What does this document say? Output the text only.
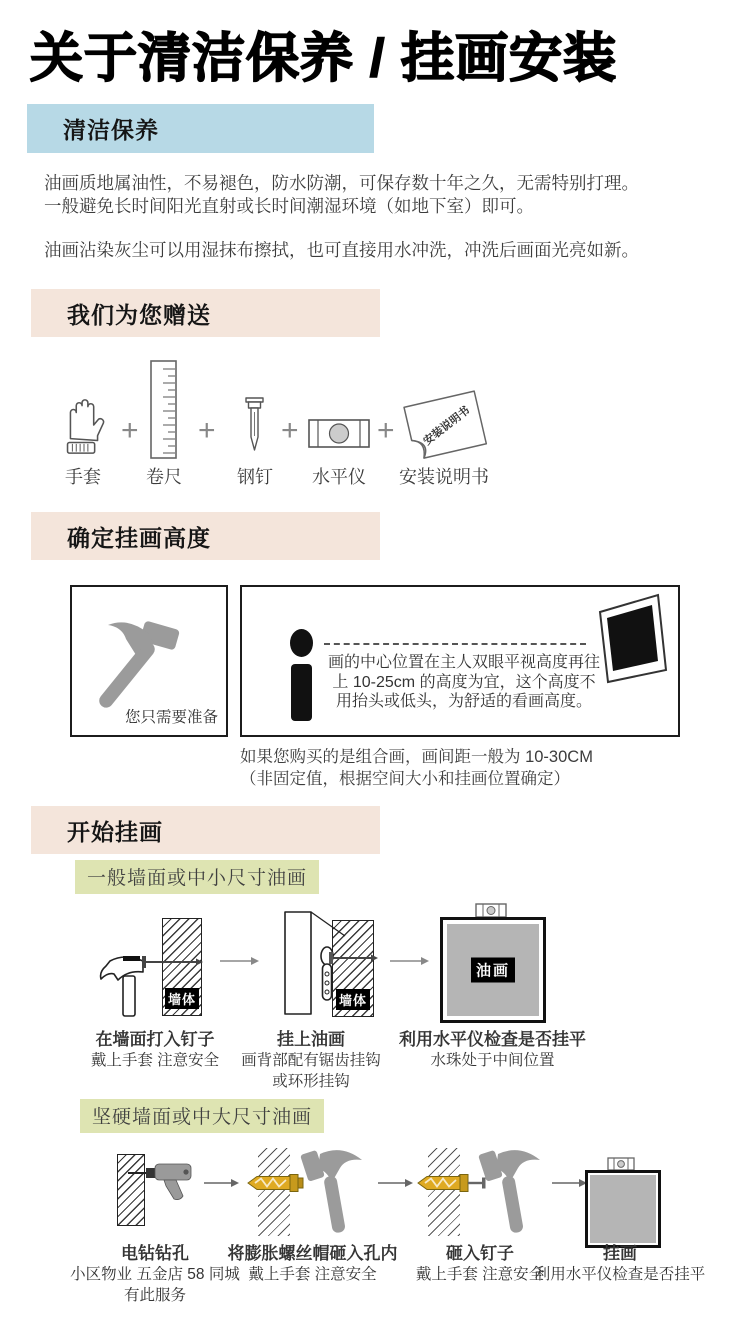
关于清洁保养 / 挂画安装
清洁保养
油画质地属油性，不易褪色，防水防潮，可保存数十年之久，无需特别打理。
一般避免长时间阳光直射或长时间潮湿环境（如地下室）即可。
油画沾染灰尘可以用湿抹布擦拭，也可直接用水冲洗，冲洗后画面光亮如新。
我们为您赠送
+ + +	+ 安装说明书
手套	卷尺	钢钉	水平仪	安装说明书
确定挂画高度
您只需要准备
画的中心位置在主人双眼平视高度再往
上 10-25cm 的高度为宜，这个高度不
用抬头或低头，为舒适的看画高度。
如果您购买的是组合画，画间距一般为 10-30CM
（非固定值，根据空间大小和挂画位置确定）
开始挂画
一般墙面或中小尺寸油画
墙体	墙体
油画
在墙面打入钉子
戴上手套 注意安全
挂上油画
画背部配有锯齿挂钩
或环形挂钩
利用水平仪检查是否挂平
水珠处于中间位置
坚硬墙面或中大尺寸油画
电钻钻孔
小区物业 五金店 58 同城
有此服务
将膨胀螺丝帽砸入孔内
戴上手套 注意安全
砸入钉子
戴上手套 注意安全
挂画
利用水平仪检查是否挂平
